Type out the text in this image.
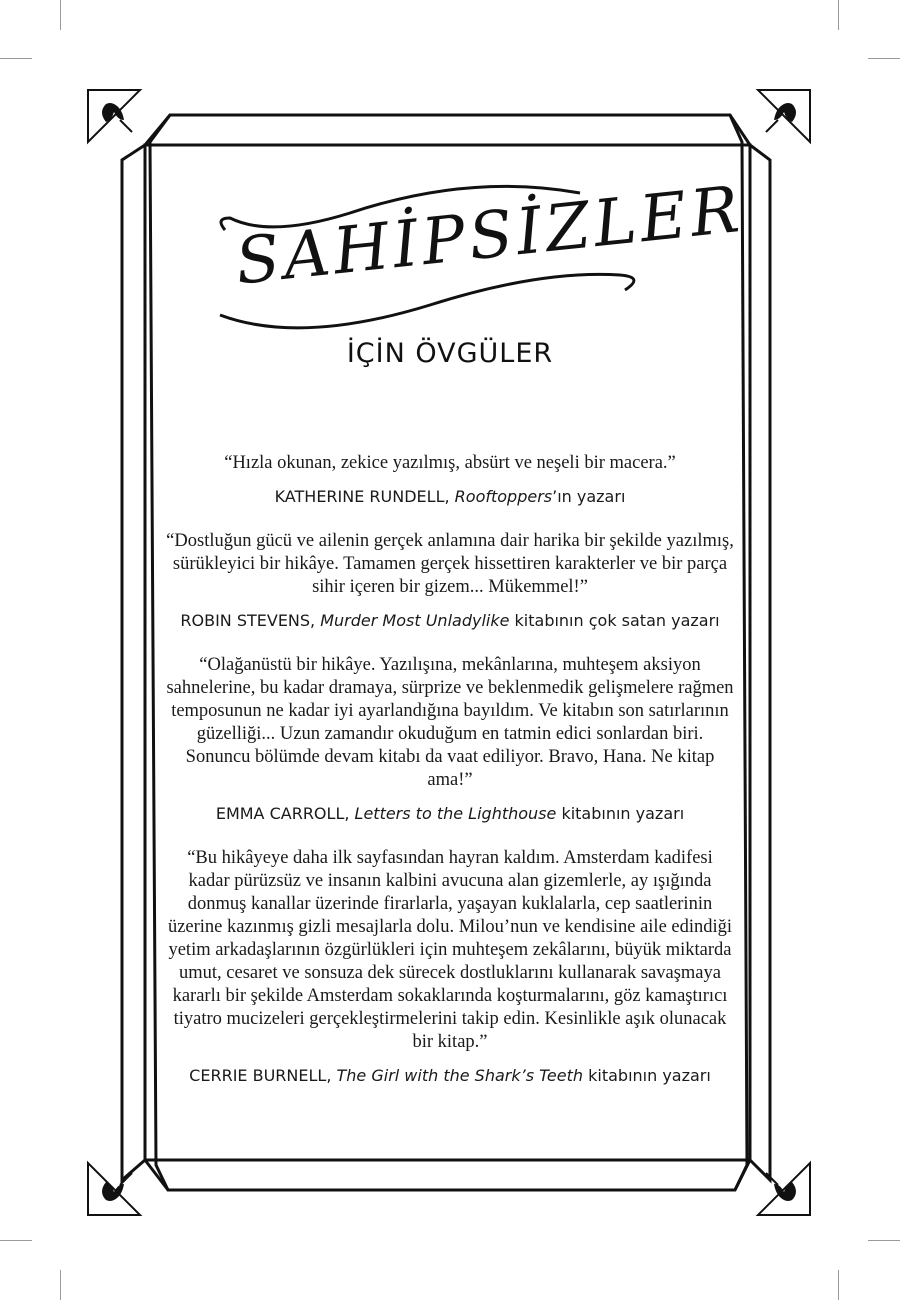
SAHİPSİZLER
İÇİN ÖVGÜLER

“Hızla okunan, zekice yazılmış, absürt ve neşeli bir macera.”

KATHERINE RUNDELL, Rooftoppers’ın yazarı

“Dostluğun gücü ve ailenin gerçek anlamına dair harika bir şekilde yazılmış, sürükleyici bir hikâye. Tamamen gerçek hissettiren karakterler ve bir parça sihir içeren bir gizem... Mükemmel!”

ROBIN STEVENS, Murder Most Unladylike kitabının çok satan yazarı

“Olağanüstü bir hikâye. Yazılışına, mekânlarına, muhteşem aksiyon sahnelerine, bu kadar dramaya, sürprize ve beklenmedik gelişmelere rağmen temposunun ne kadar iyi ayarlandığına bayıldım. Ve kitabın son satırlarının güzelliği... Uzun zamandır okuduğum en tatmin edici sonlardan biri. Sonuncu bölümde devam kitabı da vaat ediliyor. Bravo, Hana. Ne kitap ama!”

EMMA CARROLL, Letters to the Lighthouse kitabının yazarı

“Bu hikâyeye daha ilk sayfasından hayran kaldım. Amsterdam kadifesi kadar pürüzsüz ve insanın kalbini avucuna alan gizemlerle, ay ışığında donmuş kanallar üzerinde firarlarla, yaşayan kuklalarla, cep saatlerinin üzerine kazınmış gizli mesajlarla dolu. Milou’nun ve kendisine aile edindiği yetim arkadaşlarının özgürlükleri için muhteşem zekâlarını, büyük miktarda umut, cesaret ve sonsuza dek sürecek dostluklarını kullanarak savaşmaya kararlı bir şekilde Amsterdam sokaklarında koşturmalarını, göz kamaştırıcı tiyatro mucizeleri gerçekleştirmelerini takip edin. Kesinlikle aşık olunacak bir kitap.”

CERRIE BURNELL, The Girl with the Shark’s Teeth kitabının yazarı
